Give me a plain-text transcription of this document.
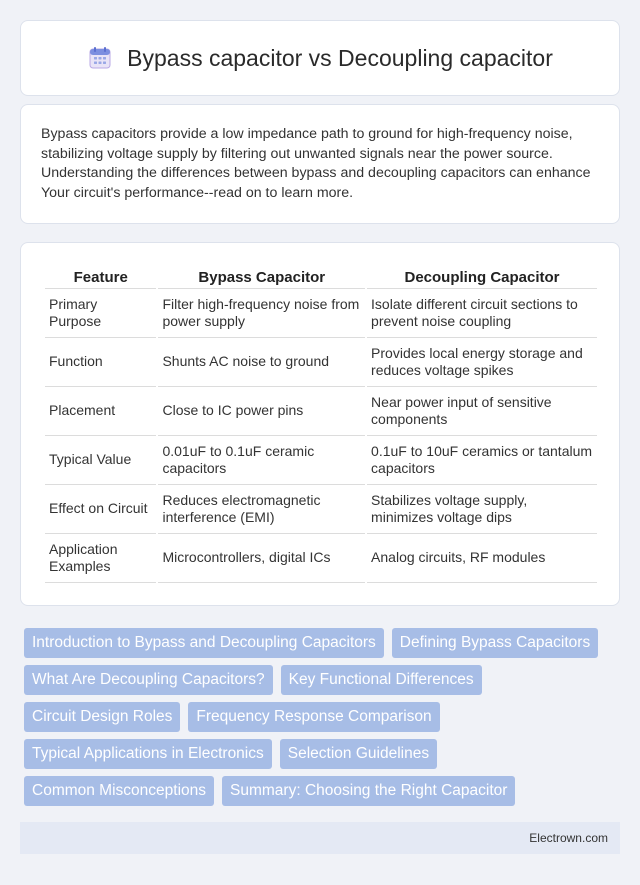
Bypass capacitor vs Decoupling capacitor

Bypass capacitors provide a low impedance path to ground for high-frequency noise, stabilizing voltage supply by filtering out unwanted signals near the power source. Understanding the differences between bypass and decoupling capacitors can enhance Your circuit's performance--read on to learn more.

Feature	Bypass Capacitor	Decoupling Capacitor
Primary Purpose	Filter high-frequency noise from power supply	Isolate different circuit sections to prevent noise coupling
Function	Shunts AC noise to ground	Provides local energy storage and reduces voltage spikes
Placement	Close to IC power pins	Near power input of sensitive components
Typical Value	0.01uF to 0.1uF ceramic capacitors	0.1uF to 10uF ceramics or tantalum capacitors
Effect on Circuit	Reduces electromagnetic interference (EMI)	Stabilizes voltage supply, minimizes voltage dips
Application Examples	Microcontrollers, digital ICs	Analog circuits, RF modules
Introduction to Bypass and Decoupling Capacitors	Defining Bypass Capacitors
What Are Decoupling Capacitors?	Key Functional Differences
Circuit Design Roles	Frequency Response Comparison
Typical Applications in Electronics	Selection Guidelines
Common Misconceptions	Summary: Choosing the Right Capacitor
Electrown.com
